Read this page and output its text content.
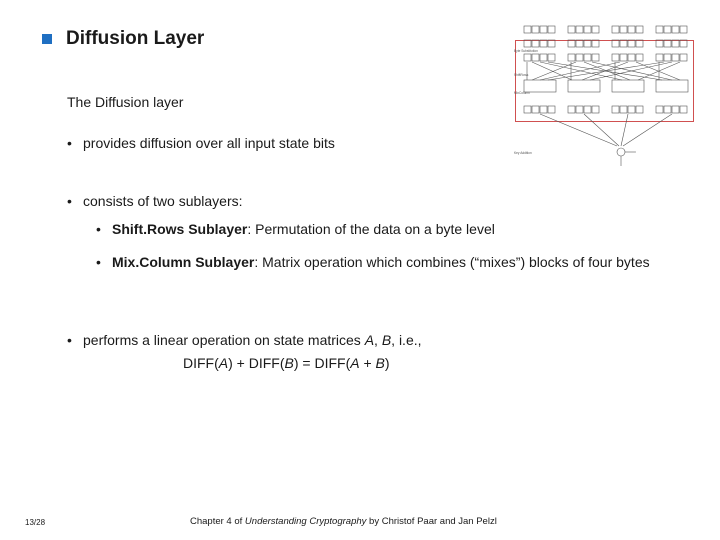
Diffusion Layer
The Diffusion layer
• provides diffusion over all input state bits
• consists of two sublayers:
• Shift.Rows Sublayer: Permutation of the data on a byte level
• Mix.Column Sublayer: Matrix operation which combines (“mixes”) blocks of four bytes
• performs a linear operation on state matrices A, B, i.e.,
DIFF(A) + DIFF(B) = DIFF(A + B)
Byte Substitution
ShiftRows
MixColumn
Key Addition
13/28	Chapter 4 of Understanding Cryptography by Christof Paar and Jan Pelzl
